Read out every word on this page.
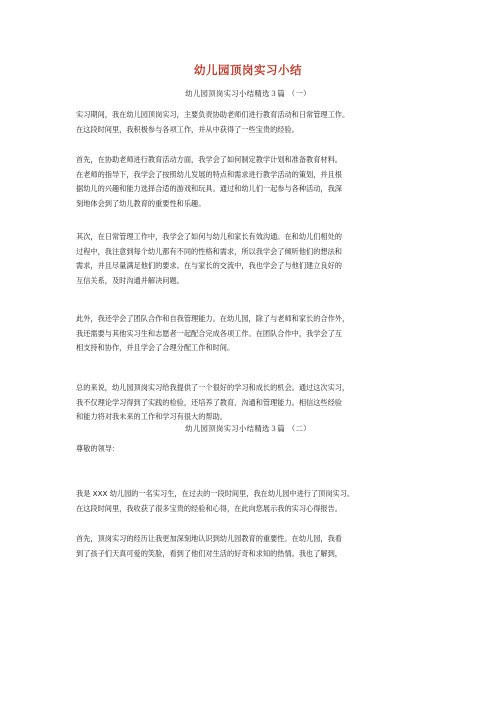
幼儿园顶岗实习小结
幼儿园顶岗实习小结精选３篇 （一）
实习期间，我在幼儿园顶岗实习，主要负责协助老师们进行教育活动和日常管理工作。
在这段时间里，我积极参与各项工作，并从中获得了一些宝贵的经验。
首先，在协助老师进行教育活动方面，我学会了如何制定教学计划和准备教育材料。
在老师的指导下，我学会了按照幼儿发展的特点和需求进行教学活动的策划，并且根
据幼儿的兴趣和能力选择合适的游戏和玩具。通过和幼儿们一起参与各种活动，我深
刻地体会到了幼儿教育的重要性和乐趣。
其次，在日常管理工作中，我学会了如何与幼儿和家长有效沟通。在和幼儿们相处的
过程中，我注意到每个幼儿都有不同的性格和需求，所以我学会了倾听他们的想法和
需求，并且尽量满足他们的要求。在与家长的交流中，我也学会了与他们建立良好的
互信关系，及时沟通并解决问题。
此外，我还学会了团队合作和自我管理能力。在幼儿园，除了与老师和家长的合作外，
我还需要与其他实习生和志愿者一起配合完成各项工作。在团队合作中，我学会了互
相支持和协作，并且学会了合理分配工作和时间。
总的来说，幼儿园顶岗实习给我提供了一个很好的学习和成长的机会。通过这次实习，
我不仅理论学习得到了实践的检验，还培养了教育、沟通和管理能力。相信这些经验
和能力将对我未来的工作和学习有很大的帮助。
幼儿园顶岗实习小结精选３篇 （二）
尊敬的领导：
我是 XXX 幼儿园的一名实习生，在过去的一段时间里，我在幼儿园中进行了顶岗实习。
在这段时间里，我收获了很多宝贵的经验和心得，在此向您展示我的实习心得报告。
首先，顶岗实习的经历让我更加深刻地认识到幼儿园教育的重要性。在幼儿园，我看
到了孩子们天真可爱的笑脸，看到了他们对生活的好奇和求知的热情。我也了解到，
